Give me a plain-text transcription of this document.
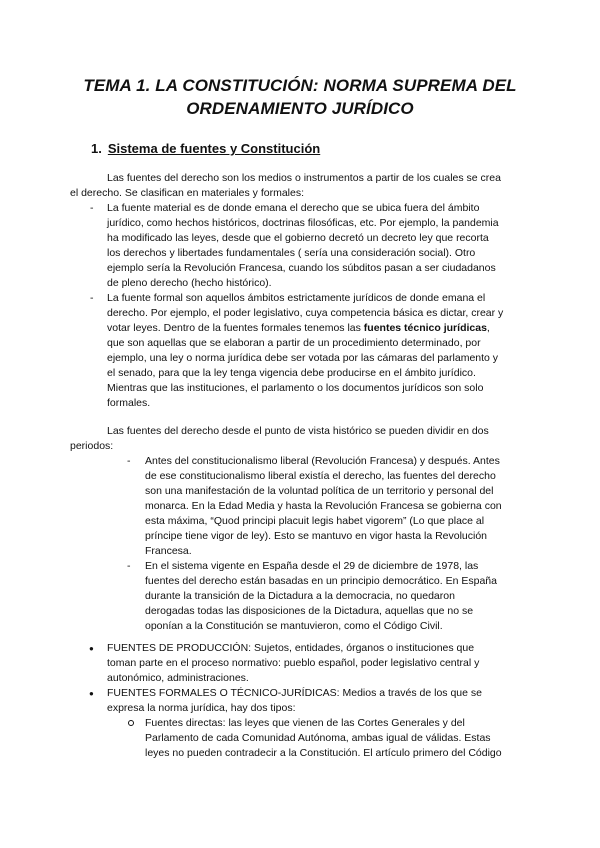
TEMA 1. LA CONSTITUCIÓN: NORMA SUPREMA DEL
ORDENAMIENTO JURÍDICO
1. Sistema de fuentes y Constitución
Las fuentes del derecho son los medios o instrumentos a partir de los cuales se crea
el derecho. Se clasifican en materiales y formales:
- La fuente material es de donde emana el derecho que se ubica fuera del ámbito
jurídico, como hechos históricos, doctrinas filosóficas, etc. Por ejemplo, la pandemia
ha modificado las leyes, desde que el gobierno decretó un decreto ley que recorta
los derechos y libertades fundamentales ( sería una consideración social). Otro
ejemplo sería la Revolución Francesa, cuando los súbditos pasan a ser ciudadanos
de pleno derecho (hecho histórico).
- La fuente formal son aquellos ámbitos estrictamente jurídicos de donde emana el
derecho. Por ejemplo, el poder legislativo, cuya competencia básica es dictar, crear y
votar leyes. Dentro de la fuentes formales tenemos las fuentes técnico jurídicas,
que son aquellas que se elaboran a partir de un procedimiento determinado, por
ejemplo, una ley o norma jurídica debe ser votada por las cámaras del parlamento y
el senado, para que la ley tenga vigencia debe producirse en el ámbito jurídico.
Mientras que las instituciones, el parlamento o los documentos jurídicos son solo
formales.
Las fuentes del derecho desde el punto de vista histórico se pueden dividir en dos
periodos:
- Antes del constitucionalismo liberal (Revolución Francesa) y después. Antes
de ese constitucionalismo liberal existía el derecho, las fuentes del derecho
son una manifestación de la voluntad política de un territorio y personal del
monarca. En la Edad Media y hasta la Revolución Francesa se gobierna con
esta máxima, “Quod principi placuit legis habet vigorem” (Lo que place al
príncipe tiene vigor de ley). Esto se mantuvo en vigor hasta la Revolución
Francesa.
- En el sistema vigente en España desde el 29 de diciembre de 1978, las
fuentes del derecho están basadas en un principio democrático. En España
durante la transición de la Dictadura a la democracia, no quedaron
derogadas todas las disposiciones de la Dictadura, aquellas que no se
oponían a la Constitución se mantuvieron, como el Código Civil.
● FUENTES DE PRODUCCIÓN: Sujetos, entidades, órganos o instituciones que
toman parte en el proceso normativo: pueblo español, poder legislativo central y
autonómico, administraciones.
● FUENTES FORMALES O TÉCNICO-JURÍDICAS: Medios a través de los que se
expresa la norma jurídica, hay dos tipos:
Fuentes directas: las leyes que vienen de las Cortes Generales y del
Parlamento de cada Comunidad Autónoma, ambas igual de válidas. Estas
leyes no pueden contradecir a la Constitución. El artículo primero del Código
